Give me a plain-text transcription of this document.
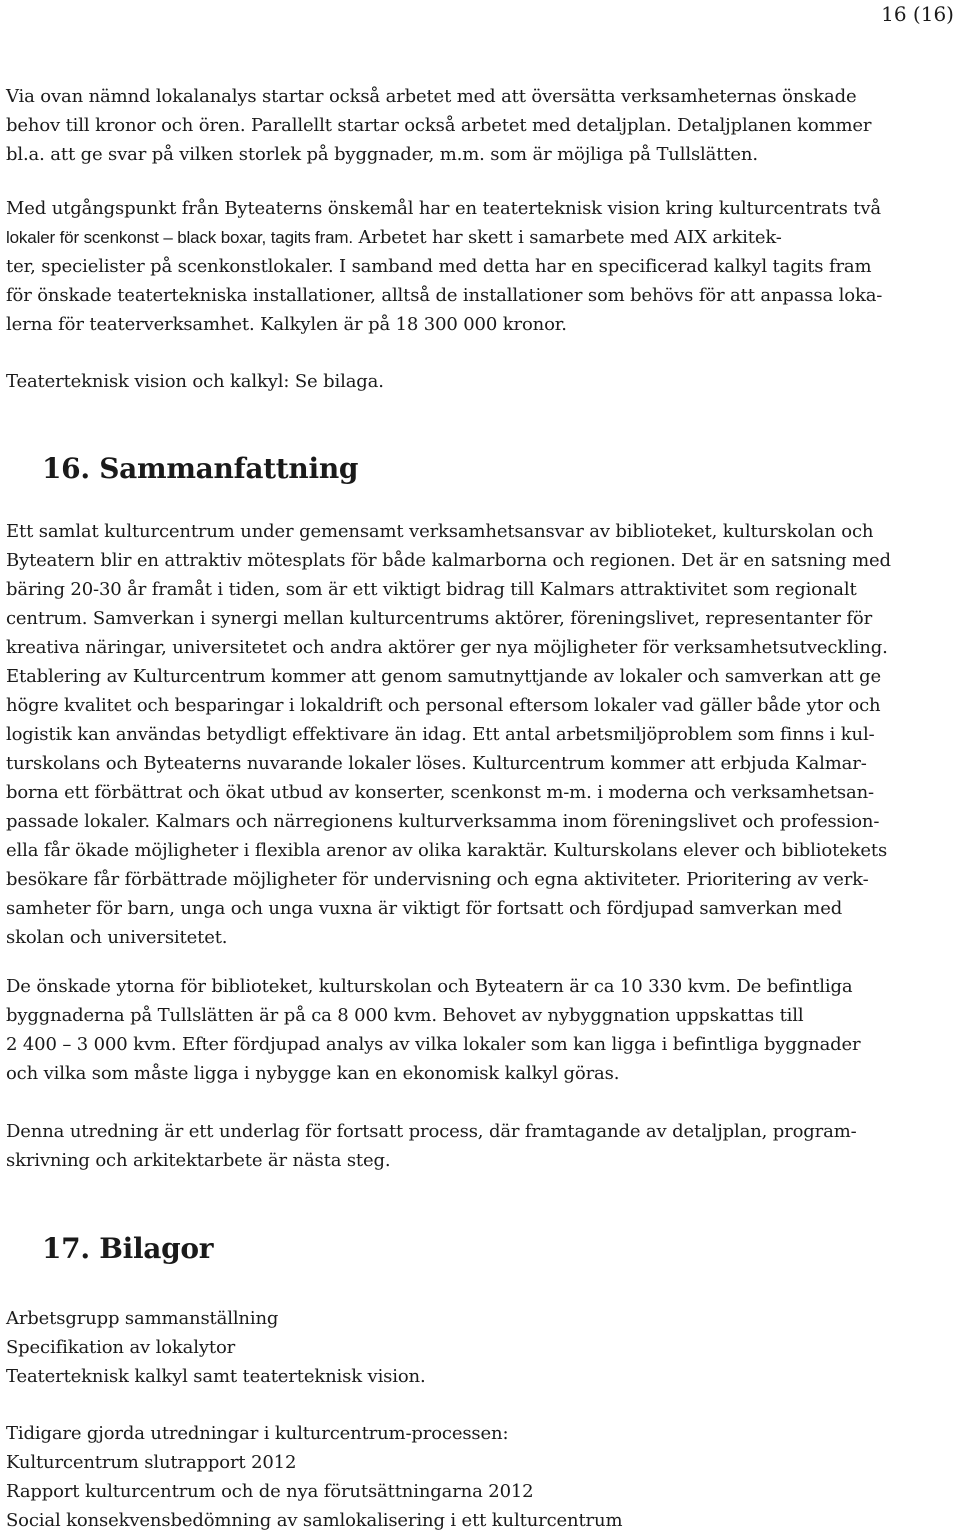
16 (16)

Via ovan nämnd lokalanalys startar också arbetet med att översätta verksamheternas önskade
behov till kronor och ören. Parallellt startar också arbetet med detaljplan. Detaljplanen kommer
bl.a. att ge svar på vilken storlek på byggnader, m.m. som är möjliga på Tullslätten.

Med utgångspunkt från Byteaterns önskemål har en teaterteknisk vision kring kulturcentrats två
lokaler för scenkonst – black boxar, tagits fram. Arbetet har skett i samarbete med AIX arkitek-
ter, specielister på scenkonstlokaler. I samband med detta har en specificerad kalkyl tagits fram
för önskade teatertekniska installationer, alltså de installationer som behövs för att anpassa loka-
lerna för teaterverksamhet. Kalkylen är på 18 300 000 kronor.

Teaterteknisk vision och kalkyl: Se bilaga.

16. Sammanfattning

Ett samlat kulturcentrum under gemensamt verksamhetsansvar av biblioteket, kulturskolan och
Byteatern blir en attraktiv mötesplats för både kalmarborna och regionen. Det är en satsning med
bäring 20-30 år framåt i tiden, som är ett viktigt bidrag till Kalmars attraktivitet som regionalt
centrum. Samverkan i synergi mellan kulturcentrums aktörer, föreningslivet, representanter för
kreativa näringar, universitetet och andra aktörer ger nya möjligheter för verksamhetsutveckling.
Etablering av Kulturcentrum kommer att genom samutnyttjande av lokaler och samverkan att ge
högre kvalitet och besparingar i lokaldrift och personal eftersom lokaler vad gäller både ytor och
logistik kan användas betydligt effektivare än idag. Ett antal arbetsmiljöproblem som finns i kul-
turskolans och Byteaterns nuvarande lokaler löses. Kulturcentrum kommer att erbjuda Kalmar-
borna ett förbättrat och ökat utbud av konserter, scenkonst m-m. i moderna och verksamhetsan-
passade lokaler. Kalmars och närregionens kulturverksamma inom föreningslivet och profession-
ella får ökade möjligheter i flexibla arenor av olika karaktär. Kulturskolans elever och bibliotekets
besökare får förbättrade möjligheter för undervisning och egna aktiviteter. Prioritering av verk-
samheter för barn, unga och unga vuxna är viktigt för fortsatt och fördjupad samverkan med
skolan och universitetet.

De önskade ytorna för biblioteket, kulturskolan och Byteatern är ca 10 330 kvm. De befintliga
byggnaderna på Tullslätten är på ca 8 000 kvm. Behovet av nybyggnation uppskattas till
2 400 – 3 000 kvm. Efter fördjupad analys av vilka lokaler som kan ligga i befintliga byggnader
och vilka som måste ligga i nybygge kan en ekonomisk kalkyl göras.

Denna utredning är ett underlag för fortsatt process, där framtagande av detaljplan, program-
skrivning och arkitektarbete är nästa steg.

17. Bilagor

Arbetsgrupp sammanställning
Specifikation av lokalytor
Teaterteknisk kalkyl samt teaterteknisk vision.

Tidigare gjorda utredningar i kulturcentrum-processen:
Kulturcentrum slutrapport 2012
Rapport kulturcentrum och de nya förutsättningarna 2012
Social konsekvensbedömning av samlokalisering i ett kulturcentrum
